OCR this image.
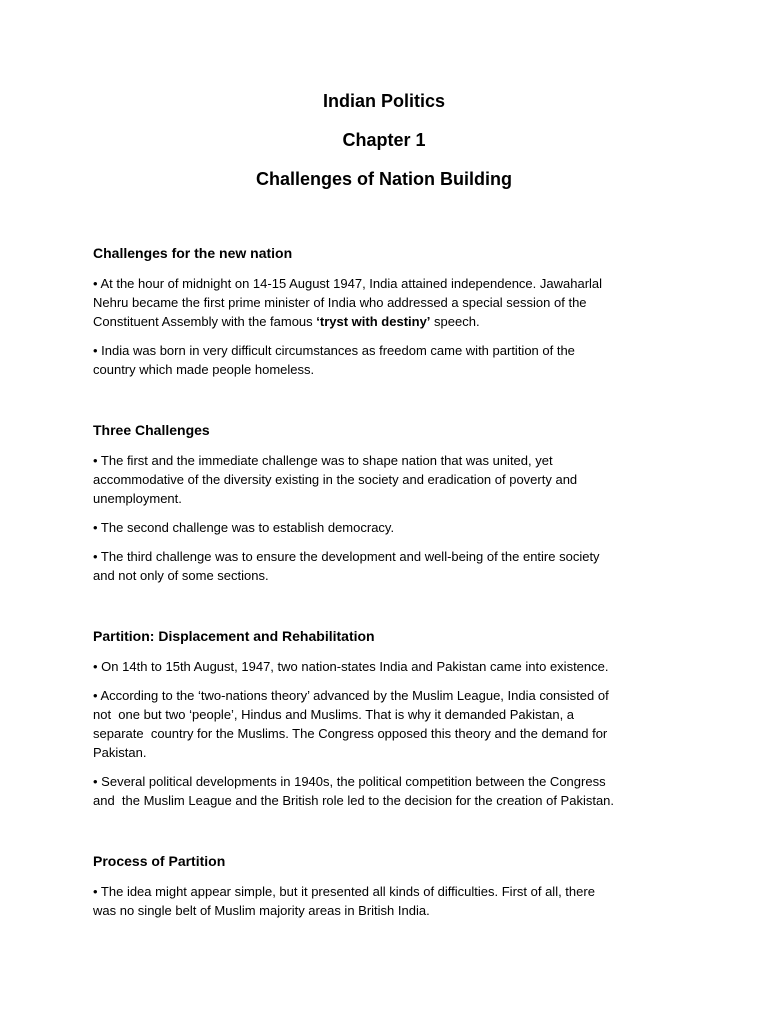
Indian Politics
Chapter 1
Challenges of Nation Building
Challenges for the new nation
• At the hour of midnight on 14-15 August 1947, India attained independence. Jawaharlal
Nehru became the first prime minister of India who addressed a special session of the
Constituent Assembly with the famous ‘tryst with destiny’ speech.
• India was born in very difficult circumstances as freedom came with partition of the
country which made people homeless.
Three Challenges
• The first and the immediate challenge was to shape nation that was united, yet
accommodative of the diversity existing in the society and eradication of poverty and
unemployment.
• The second challenge was to establish democracy.
• The third challenge was to ensure the development and well-being of the entire society
and not only of some sections.
Partition: Displacement and Rehabilitation
• On 14th to 15th August, 1947, two nation-states India and Pakistan came into existence.
• According to the ‘two-nations theory’ advanced by the Muslim League, India consisted of
not  one but two ‘people’, Hindus and Muslims. That is why it demanded Pakistan, a
separate  country for the Muslims. The Congress opposed this theory and the demand for
Pakistan.
• Several political developments in 1940s, the political competition between the Congress
and  the Muslim League and the British role led to the decision for the creation of Pakistan.
Process of Partition
• The idea might appear simple, but it presented all kinds of difficulties. First of all, there
was no single belt of Muslim majority areas in British India.
